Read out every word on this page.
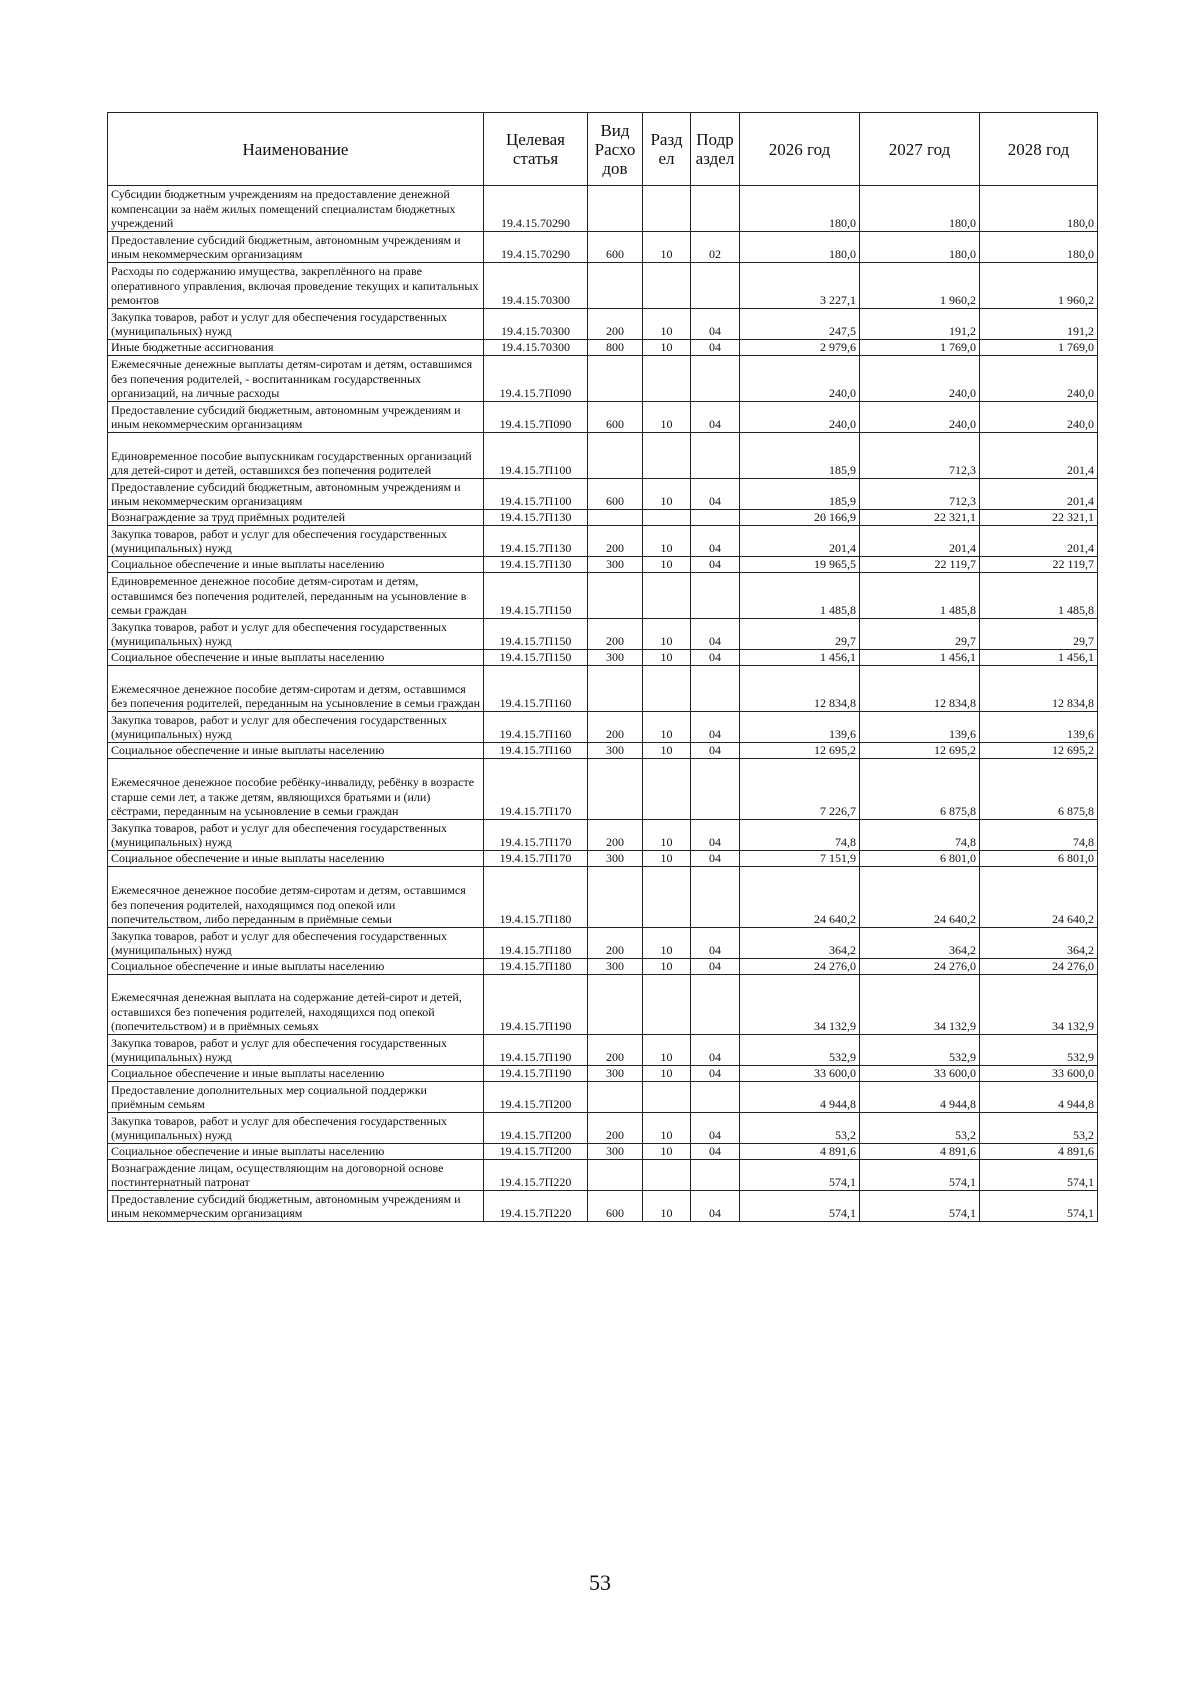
Наименование	Целевая статья	Вид Расхо дов	Разд ел	Подр аздел	2026 год	2027 год	2028 год
Субсидии бюджетным учреждениям на предоставление денежной компенсации за наём жилых помещений специалистам бюджетных учреждений	19.4.15.70290				180,0	180,0	180,0
Предоставление субсидий бюджетным, автономным учреждениям и иным некоммерческим организациям	19.4.15.70290	600	10	02	180,0	180,0	180,0
Расходы по содержанию имущества, закреплённого на праве оперативного управления, включая проведение текущих и капитальных ремонтов	19.4.15.70300				3 227,1	1 960,2	1 960,2
Закупка товаров, работ и услуг для обеспечения государственных (муниципальных) нужд	19.4.15.70300	200	10	04	247,5	191,2	191,2
Иные бюджетные ассигнования	19.4.15.70300	800	10	04	2 979,6	1 769,0	1 769,0
Ежемесячные денежные выплаты детям-сиротам и детям, оставшимся без попечения родителей, - воспитанникам государственных организаций, на личные расходы	19.4.15.7П090				240,0	240,0	240,0
Предоставление субсидий бюджетным, автономным учреждениям и иным некоммерческим организациям	19.4.15.7П090	600	10	04	240,0	240,0	240,0
Единовременное пособие выпускникам государственных организаций для детей-сирот и детей, оставшихся без попечения родителей	19.4.15.7П100				185,9	712,3	201,4
Предоставление субсидий бюджетным, автономным учреждениям и иным некоммерческим организациям	19.4.15.7П100	600	10	04	185,9	712,3	201,4
Вознаграждение за труд приёмных родителей	19.4.15.7П130				20 166,9	22 321,1	22 321,1
Закупка товаров, работ и услуг для обеспечения государственных (муниципальных) нужд	19.4.15.7П130	200	10	04	201,4	201,4	201,4
Социальное обеспечение и иные выплаты населению	19.4.15.7П130	300	10	04	19 965,5	22 119,7	22 119,7
Единовременное денежное пособие детям-сиротам и детям, оставшимся без попечения родителей, переданным на усыновление в семьи граждан	19.4.15.7П150				1 485,8	1 485,8	1 485,8
Закупка товаров, работ и услуг для обеспечения государственных (муниципальных) нужд	19.4.15.7П150	200	10	04	29,7	29,7	29,7
Социальное обеспечение и иные выплаты населению	19.4.15.7П150	300	10	04	1 456,1	1 456,1	1 456,1
Ежемесячное денежное пособие детям-сиротам и детям, оставшимся без попечения родителей, переданным на усыновление в семьи граждан	19.4.15.7П160				12 834,8	12 834,8	12 834,8
Закупка товаров, работ и услуг для обеспечения государственных (муниципальных) нужд	19.4.15.7П160	200	10	04	139,6	139,6	139,6
Социальное обеспечение и иные выплаты населению	19.4.15.7П160	300	10	04	12 695,2	12 695,2	12 695,2
Ежемесячное денежное пособие ребёнку-инвалиду, ребёнку в возрасте старше семи лет, а также детям, являющихся братьями и (или) сёстрами, переданным на усыновление в семьи граждан	19.4.15.7П170				7 226,7	6 875,8	6 875,8
Закупка товаров, работ и услуг для обеспечения государственных (муниципальных) нужд	19.4.15.7П170	200	10	04	74,8	74,8	74,8
Социальное обеспечение и иные выплаты населению	19.4.15.7П170	300	10	04	7 151,9	6 801,0	6 801,0
Ежемесячное денежное пособие детям-сиротам и детям, оставшимся без попечения родителей, находящимся под опекой или попечительством, либо переданным в приёмные семьи	19.4.15.7П180				24 640,2	24 640,2	24 640,2
Закупка товаров, работ и услуг для обеспечения государственных (муниципальных) нужд	19.4.15.7П180	200	10	04	364,2	364,2	364,2
Социальное обеспечение и иные выплаты населению	19.4.15.7П180	300	10	04	24 276,0	24 276,0	24 276,0
Ежемесячная денежная выплата на содержание детей-сирот и детей, оставшихся без попечения родителей, находящихся под опекой (попечительством) и в приёмных семьях	19.4.15.7П190				34 132,9	34 132,9	34 132,9
Закупка товаров, работ и услуг для обеспечения государственных (муниципальных) нужд	19.4.15.7П190	200	10	04	532,9	532,9	532,9
Социальное обеспечение и иные выплаты населению	19.4.15.7П190	300	10	04	33 600,0	33 600,0	33 600,0
Предоставление дополнительных мер социальной поддержки приёмным семьям	19.4.15.7П200				4 944,8	4 944,8	4 944,8
Закупка товаров, работ и услуг для обеспечения государственных (муниципальных) нужд	19.4.15.7П200	200	10	04	53,2	53,2	53,2
Социальное обеспечение и иные выплаты населению	19.4.15.7П200	300	10	04	4 891,6	4 891,6	4 891,6
Вознаграждение лицам, осуществляющим на договорной основе постинтернатный патронат	19.4.15.7П220				574,1	574,1	574,1
Предоставление субсидий бюджетным, автономным учреждениям и иным некоммерческим организациям	19.4.15.7П220	600	10	04	574,1	574,1	574,1
53
